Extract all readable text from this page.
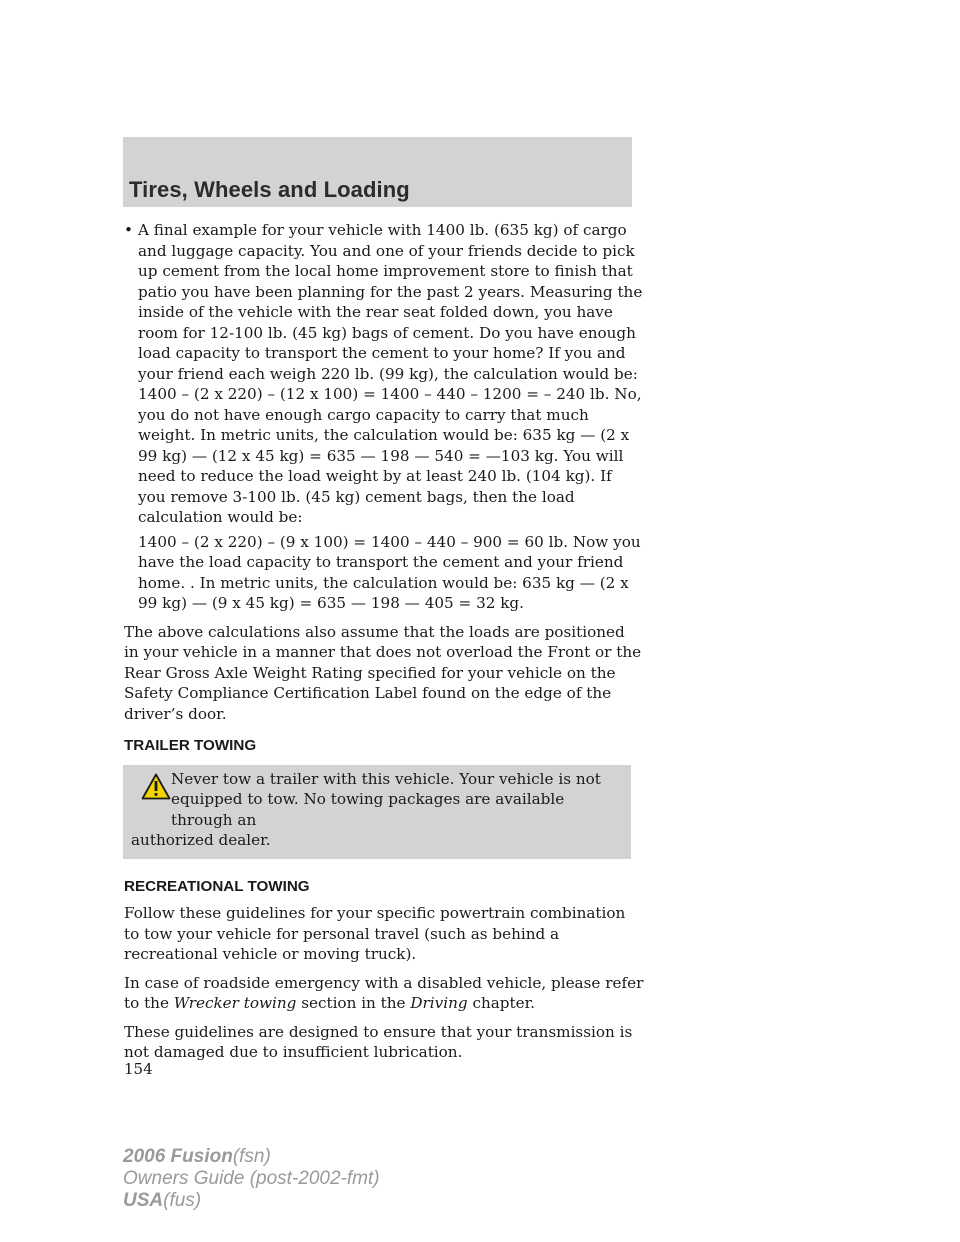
Tires, Wheels and Loading
• A final example for your vehicle with 1400 lb. (635 kg) of cargo and luggage capacity. You and one of your friends decide to pick up cement from the local home improvement store to finish that patio you have been planning for the past 2 years. Measuring the inside of the vehicle with the rear seat folded down, you have room for 12-100 lb. (45 kg) bags of cement. Do you have enough load capacity to transport the cement to your home? If you and your friend each weigh 220 lb. (99 kg), the calculation would be: 1400 – (2 x 220) – (12 x 100) = 1400 – 440 – 1200 = – 240 lb. No, you do not have enough cargo capacity to carry that much weight. In metric units, the calculation would be: 635 kg — (2 x 99 kg) — (12 x 45 kg) = 635 — 198 — 540 = —103 kg. You will need to reduce the load weight by at least 240 lb. (104 kg). If you remove 3-100 lb. (45 kg) cement bags, then the load calculation would be:

1400 – (2 x 220) – (9 x 100) = 1400 – 440 – 900 = 60 lb. Now you have the load capacity to transport the cement and your friend home. . In metric units, the calculation would be: 635 kg — (2 x 99 kg) — (9 x 45 kg) = 635 — 198 — 405 = 32 kg.

The above calculations also assume that the loads are positioned in your vehicle in a manner that does not overload the Front or the Rear Gross Axle Weight Rating specified for your vehicle on the Safety Compliance Certification Label found on the edge of the driver’s door.

TRAILER TOWING
Never tow a trailer with this vehicle. Your vehicle is not
equipped to tow. No towing packages are available through an
authorized dealer.
RECREATIONAL TOWING

Follow these guidelines for your specific powertrain combination to tow your vehicle for personal travel (such as behind a recreational vehicle or moving truck).

In case of roadside emergency with a disabled vehicle, please refer to the Wrecker towing section in the Driving chapter.

These guidelines are designed to ensure that your transmission is not damaged due to insufficient lubrication.

154
2006 Fusion(fsn)
Owners Guide (post-2002-fmt)
USA(fus)
